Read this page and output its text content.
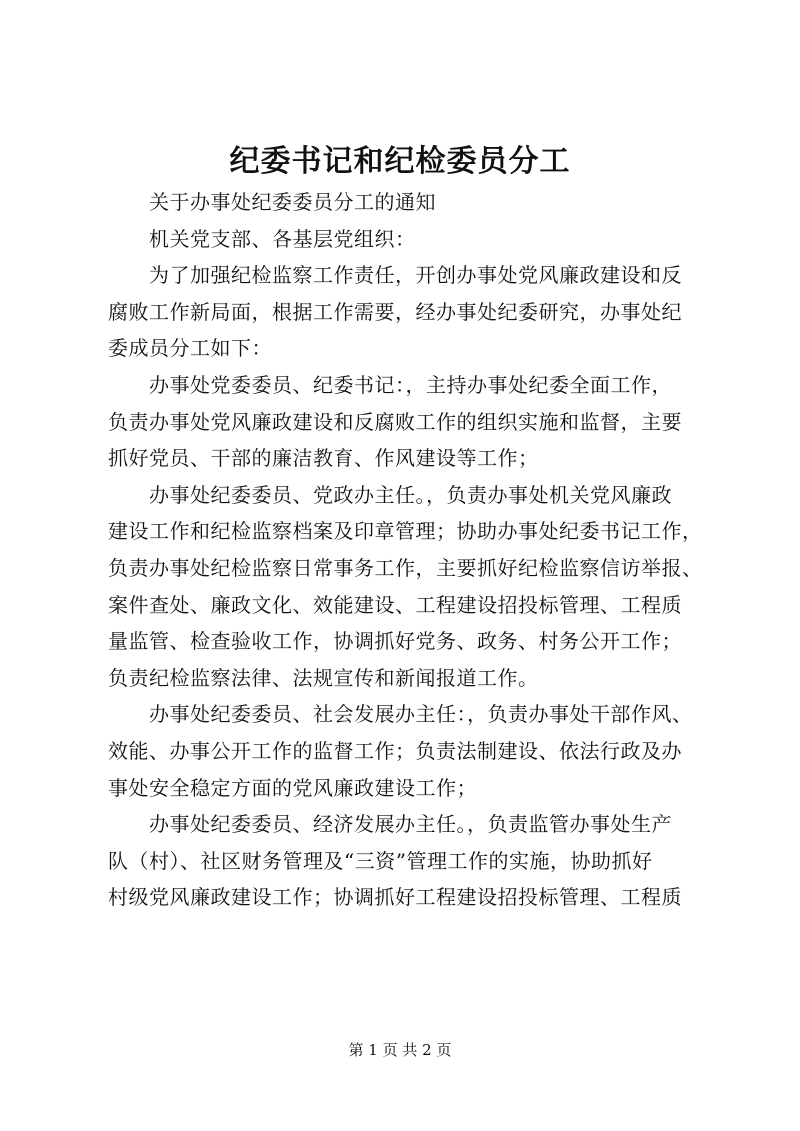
纪委书记和纪检委员分工
　　关于办事处纪委委员分工的通知
　　机关党支部、各基层党组织：
　　为了加强纪检监察工作责任，开创办事处党风廉政建设和反
腐败工作新局面，根据工作需要，经办事处纪委研究，办事处纪
委成员分工如下：
　　办事处党委委员、纪委书记：，主持办事处纪委全面工作，
负责办事处党风廉政建设和反腐败工作的组织实施和监督，主要
抓好党员、干部的廉洁教育、作风建设等工作；
　　办事处纪委委员、党政办主任。，负责办事处机关党风廉政
建设工作和纪检监察档案及印章管理；协助办事处纪委书记工作，
负责办事处纪检监察日常事务工作，主要抓好纪检监察信访举报、
案件查处、廉政文化、效能建设、工程建设招投标管理、工程质
量监管、检查验收工作，协调抓好党务、政务、村务公开工作；
负责纪检监察法律、法规宣传和新闻报道工作。
　　办事处纪委委员、社会发展办主任：，负责办事处干部作风、
效能、办事公开工作的监督工作；负责法制建设、依法行政及办
事处安全稳定方面的党风廉政建设工作；
　　办事处纪委委员、经济发展办主任。，负责监管办事处生产
队（村）、社区财务管理及“三资”管理工作的实施，协助抓好
村级党风廉政建设工作；协调抓好工程建设招投标管理、工程质
第 1 页 共 2 页
